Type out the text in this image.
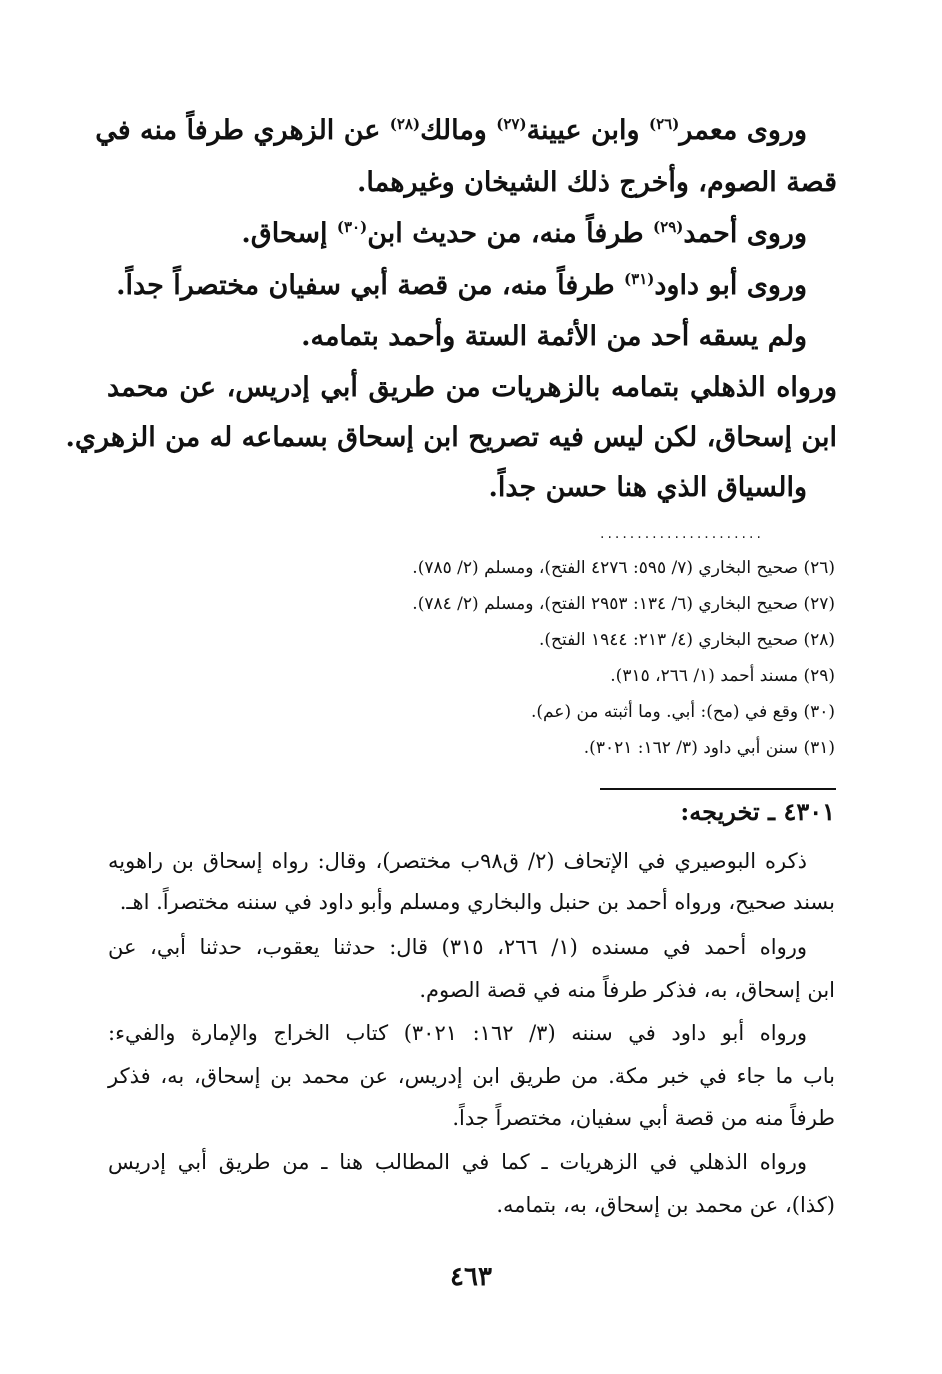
وروى معمر$^{(٢٦)}$ وابن عيينة$^{(٢٧)}$ ومالك$^{(٢٨)}$ عن الزهري طرفاً منه في
قصة الصوم، وأخرج ذلك الشيخان وغيرهما.
وروى أحمد$^{(٢٩)}$ طرفاً منه، من حديث ابن$^{(٣٠)}$ إسحاق.
وروى أبو داود$^{(٣١)}$ طرفاً منه، من قصة أبي سفيان مختصراً جداً.
ولم يسقه أحد من الأئمة الستة وأحمد بتمامه.
ورواه الذهلي بتمامه بالزهريات من طريق أبي إدريس، عن محمد
ابن إسحاق، لكن ليس فيه تصريح ابن إسحاق بسماعه له من الزهري.
والسياق الذي هنا حسن جداً.
......................
(٢٦) صحيح البخاري (٧/ ٥٩٥: ٤٢٧٦ الفتح)، ومسلم (٢/ ٧٨٥).
(٢٧) صحيح البخاري (٦/ ١٣٤: ٢٩٥٣ الفتح)، ومسلم (٢/ ٧٨٤).
(٢٨) صحيح البخاري (٤/ ٢١٣: ١٩٤٤ الفتح).
(٢٩) مسند أحمد (١/ ٢٦٦، ٣١٥).
(٣٠) وقع في (مح): أبي. وما أثبته من (عم).
(٣١) سنن أبي داود (٣/ ١٦٢: ٣٠٢١).
٤٣٠١ ـ تخريجه:
ذكره البوصيري في الإتحاف (٢/ ق٩٨ب مختصر)، وقال: رواه إسحاق بن راهويه
بسند صحيح، ورواه أحمد بن حنبل والبخاري ومسلم وأبو داود في سننه مختصراً. اهـ.
ورواه أحمد في مسنده (١/ ٢٦٦، ٣١٥) قال: حدثنا يعقوب، حدثنا أبي، عن
ابن إسحاق، به، فذكر طرفاً منه في قصة الصوم.
ورواه أبو داود في سننه (٣/ ١٦٢: ٣٠٢١) كتاب الخراج والإمارة والفيء:
باب ما جاء في خبر مكة. من طريق ابن إدريس، عن محمد بن إسحاق، به، فذكر
طرفاً منه من قصة أبي سفيان، مختصراً جداً.
ورواه الذهلي في الزهريات ـ كما في المطالب هنا ـ من طريق أبي إدريس
(كذا)، عن محمد بن إسحاق، به، بتمامه.
٤٦٣
